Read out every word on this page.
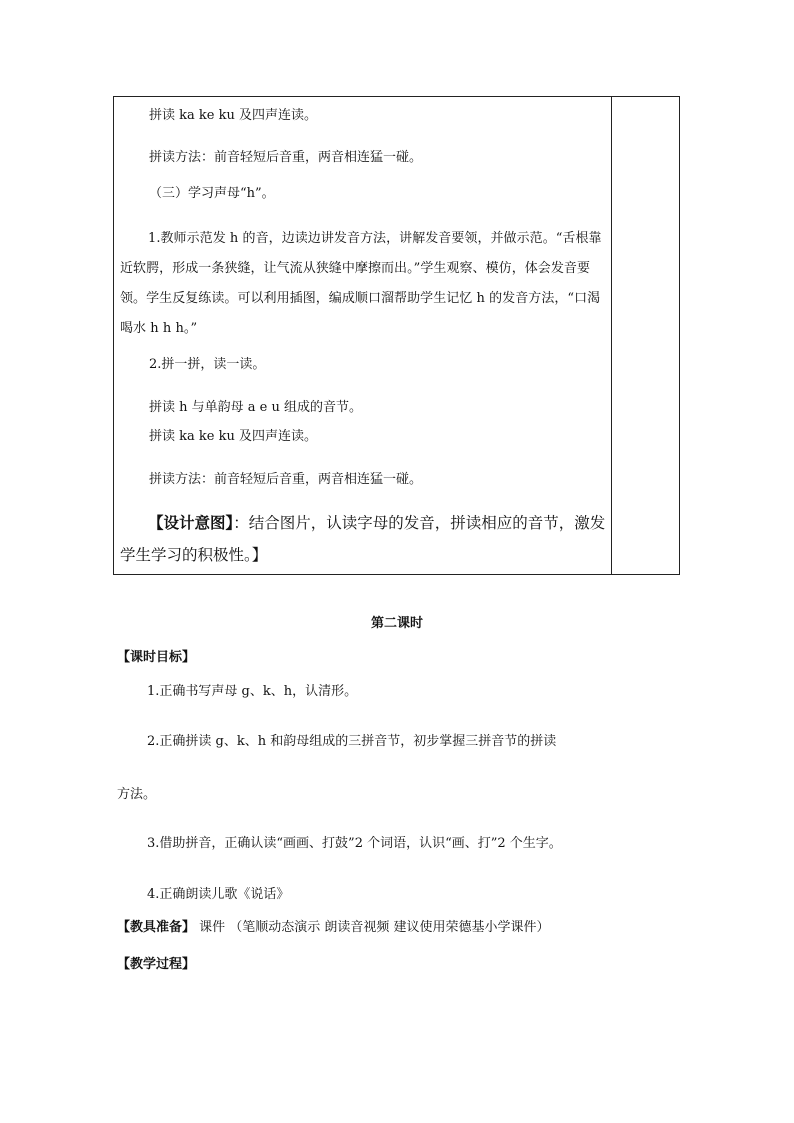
拼读 ka ke ku 及四声连读。
拼读方法：前音轻短后音重，两音相连猛一碰。
（三）学习声母“h”。
1.教师示范发 h 的音，边读边讲发音方法，讲解发音要领，并做示范。“舌根靠近软腭，形成一条狭缝，让气流从狭缝中摩擦而出。”学生观察、模仿，体会发音要领。学生反复练读。可以利用插图，编成顺口溜帮助学生记忆 h 的发音方法，“口渴喝水 h h h。”
2.拼一拼，读一读。
拼读 h 与单韵母 a e u 组成的音节。
拼读 ka ke ku 及四声连读。
拼读方法：前音轻短后音重，两音相连猛一碰。
【设计意图】：结合图片，认读字母的发音，拼读相应的音节，激发学生学习的积极性。】
第二课时
【课时目标】
1.正确书写声母 g、k、h，认清形。
2.正确拼读 g、k、h 和韵母组成的三拼音节，初步掌握三拼音节的拼读
方法。
3.借助拼音，正确认读“画画、打鼓”2 个词语，认识“画、打”2 个生字。
4.正确朗读儿歌《说话》
【教具准备】 课件 （笔顺动态演示 朗读音视频 建议使用荣德基小学课件）
【教学过程】
